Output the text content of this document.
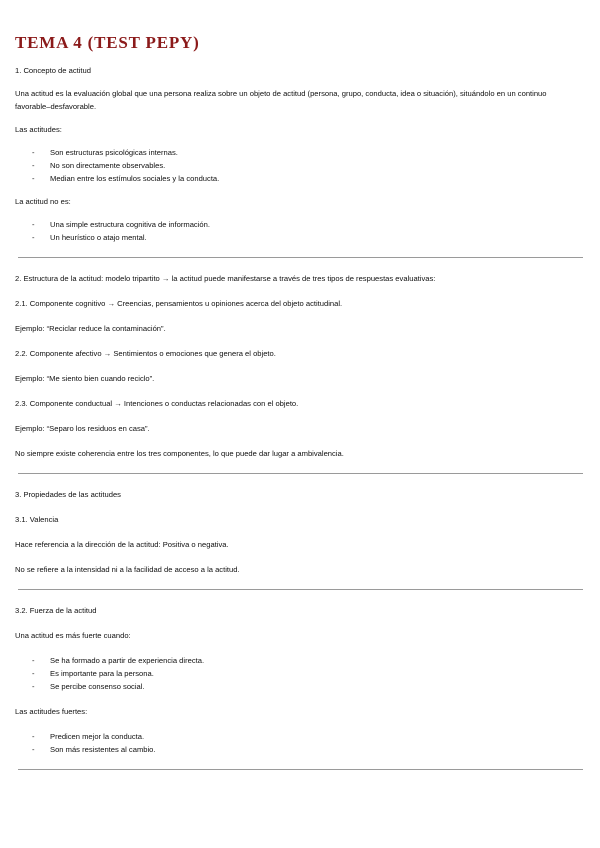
TEMA 4 (TEST PEPY)

1. Concepto de actitud

Una actitud es la evaluación global que una persona realiza sobre un objeto de actitud (persona, grupo, conducta, idea o situación), situándolo en un continuo favorable–desfavorable.

Las actitudes:

- Son estructuras psicológicas internas.
- No son directamente observables.
- Median entre los estímulos sociales y la conducta.

La actitud no es:

- Una simple estructura cognitiva de información.
- Un heurístico o atajo mental.

2. Estructura de la actitud: modelo tripartito → la actitud puede manifestarse a través de tres tipos de respuestas evaluativas:

2.1. Componente cognitivo → Creencias, pensamientos u opiniones acerca del objeto actitudinal.

Ejemplo: “Reciclar reduce la contaminación”.

2.2. Componente afectivo → Sentimientos o emociones que genera el objeto.

Ejemplo: “Me siento bien cuando reciclo”.

2.3. Componente conductual → Intenciones o conductas relacionadas con el objeto.

Ejemplo: “Separo los residuos en casa”.

No siempre existe coherencia entre los tres componentes, lo que puede dar lugar a ambivalencia.

3. Propiedades de las actitudes

3.1. Valencia

Hace referencia a la dirección de la actitud: Positiva o negativa.

No se refiere a la intensidad ni a la facilidad de acceso a la actitud.

3.2. Fuerza de la actitud

Una actitud es más fuerte cuando:

- Se ha formado a partir de experiencia directa.
- Es importante para la persona.
- Se percibe consenso social.

Las actitudes fuertes:

- Predicen mejor la conducta.
- Son más resistentes al cambio.
